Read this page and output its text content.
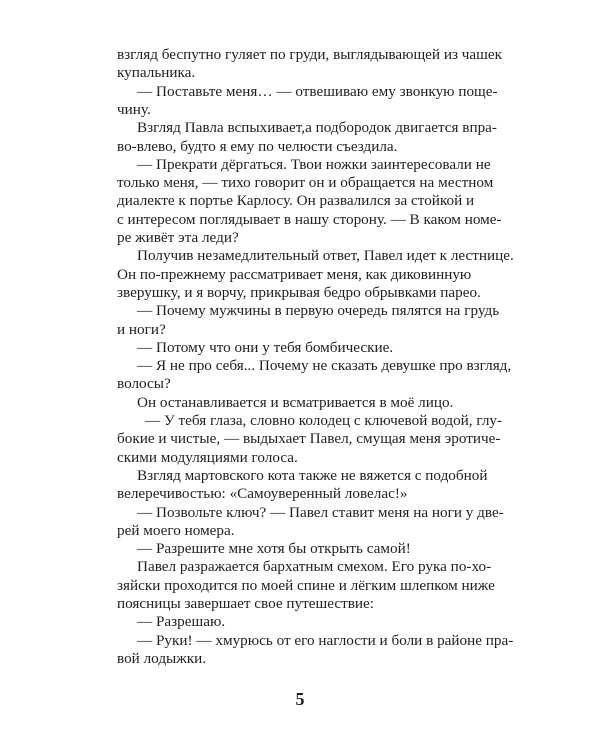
взгляд беспутно гуляет по груди, выглядывающей из чашек
купальника.
— Поставьте меня… — отвешиваю ему звонкую поще-
чину.
Взгляд Павла вспыхивает,а подбородок двигается впра-
во-влево, будто я ему по челюсти съездила.
— Прекрати дёргаться. Твои ножки заинтересовали не
только меня, — тихо говорит он и обращается на местном
диалекте к портье Карлосу. Он развалился за стойкой и
с интересом поглядывает в нашу сторону. — В каком номе-
ре живёт эта леди?
Получив незамедлительный ответ, Павел идет к лестнице.
Он по-прежнему рассматривает меня, как диковинную
зверушку, и я ворчу, прикрывая бедро обрывками парео.
— Почему мужчины в первую очередь пялятся на грудь
и ноги?
— Потому что они у тебя бомбические.
— Я не про себя... Почему не сказать девушке про взгляд,
волосы?
Он останавливается и всматривается в моё лицо.
— У тебя глаза, словно колодец с ключевой водой, глу-
бокие и чистые, — выдыхает Павел, смущая меня эротиче-
скими модуляциями голоса.
Взгляд мартовского кота также не вяжется с подобной
велеречивостью: «Самоуверенный ловелас!»
— Позвольте ключ? — Павел ставит меня на ноги у две-
рей моего номера.
— Разрешите мне хотя бы открыть самой!
Павел разражается бархатным смехом. Его рука по-хо-
зяйски проходится по моей спине и лёгким шлепком ниже
поясницы завершает свое путешествие:
— Разрешаю.
— Руки! — хмурюсь от его наглости и боли в районе пра-
вой лодыжки.
5
